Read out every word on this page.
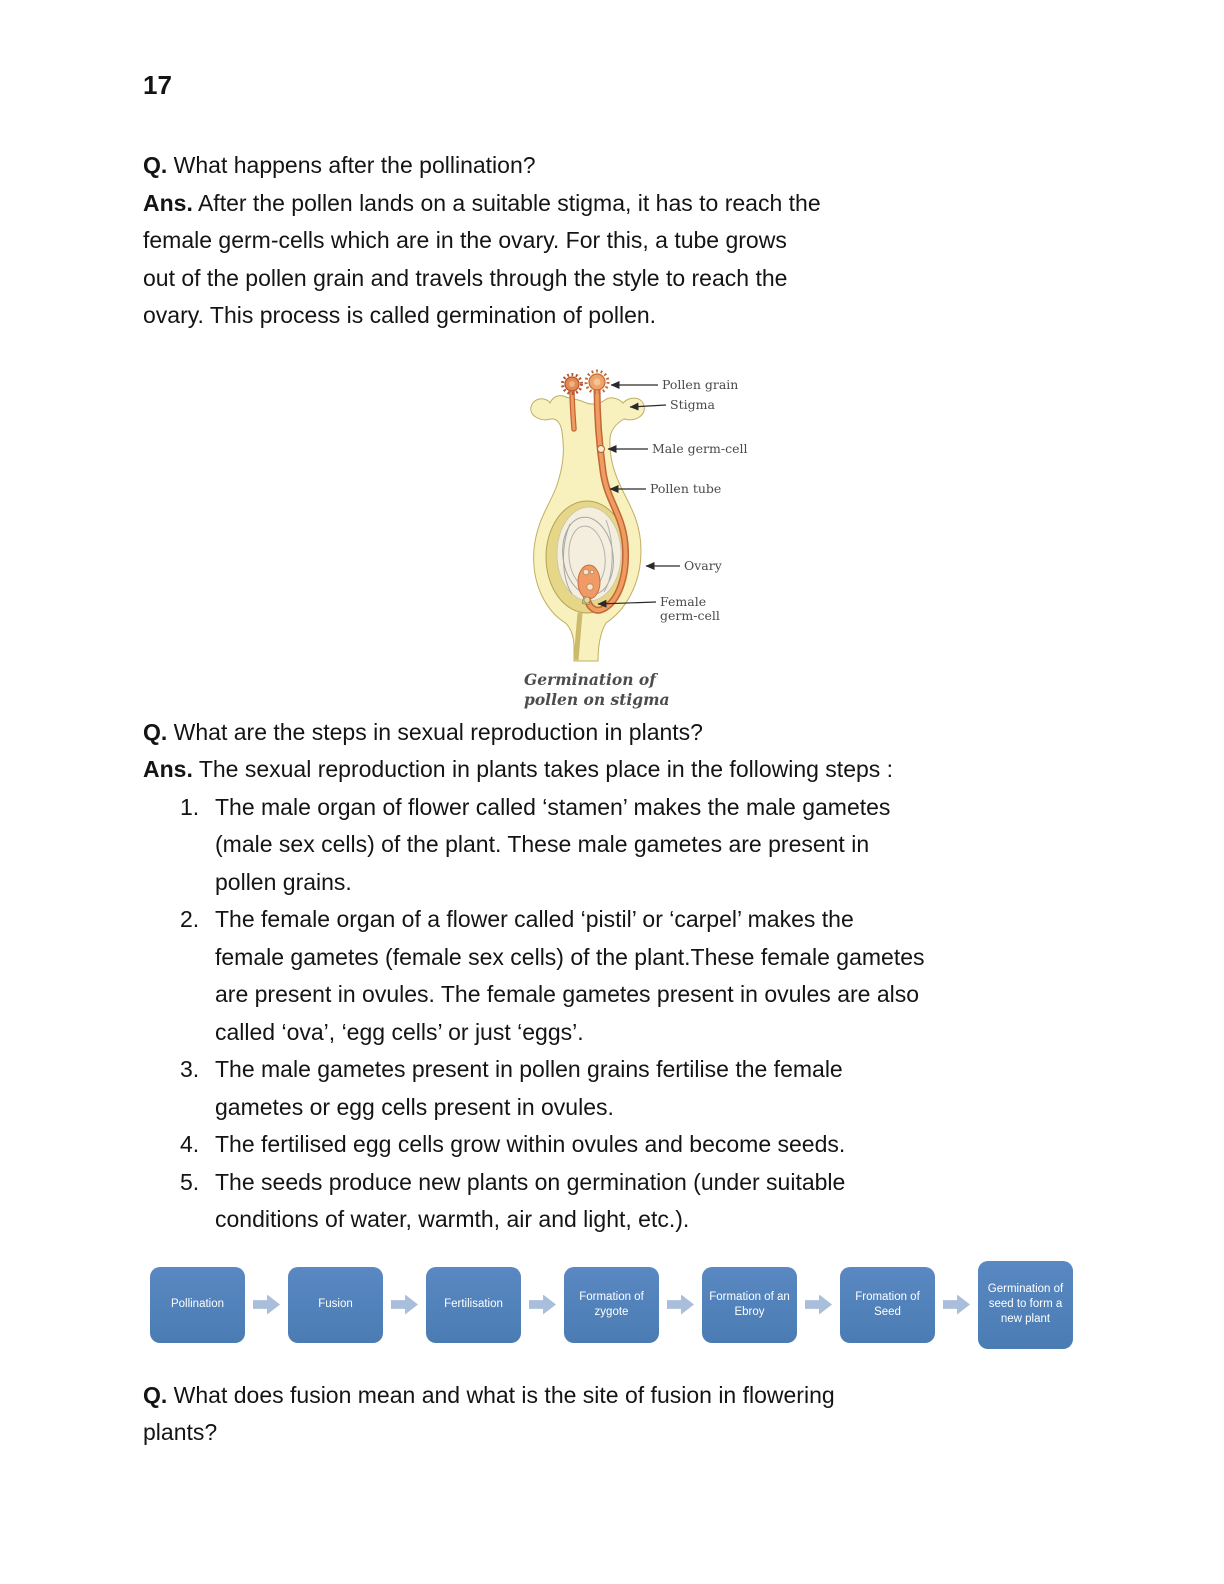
17
Q. What happens after the pollination?
Ans. After the pollen lands on a suitable stigma, it has to reach the
female germ-cells which are in the ovary. For this, a tube grows
out of the pollen grain and travels through the style to reach the
ovary. This process is called germination of pollen.
Pollen grain
Stigma
Male germ-cell
Pollen tube
Ovary
Female
germ-cell
Germination of pollen on stigma
Q. What are the steps in sexual reproduction in plants?
Ans. The sexual reproduction in plants takes place in the following steps :
1. The male organ of flower called ‘stamen’ makes the male gametes
(male sex cells) of the plant. These male gametes are present in
pollen grains.
2. The female organ of a flower called ‘pistil’ or ‘carpel’ makes the
female gametes (female sex cells) of the plant.These female gametes
are present in ovules. The female gametes present in ovules are also
called ‘ova’, ‘egg cells’ or just ‘eggs’.
3. The male gametes present in pollen grains fertilise the female
gametes or egg cells present in ovules.
4. The fertilised egg cells grow within ovules and become seeds.
5. The seeds produce new plants on germination (under suitable
conditions of water, warmth, air and light, etc.).
Pollination	Fusion	Fertilisation
Formation of zygote
Formation of an Ebroy
Fromation of Seed
Germination of seed to form a new plant
Q. What does fusion mean and what is the site of fusion in flowering
plants?
